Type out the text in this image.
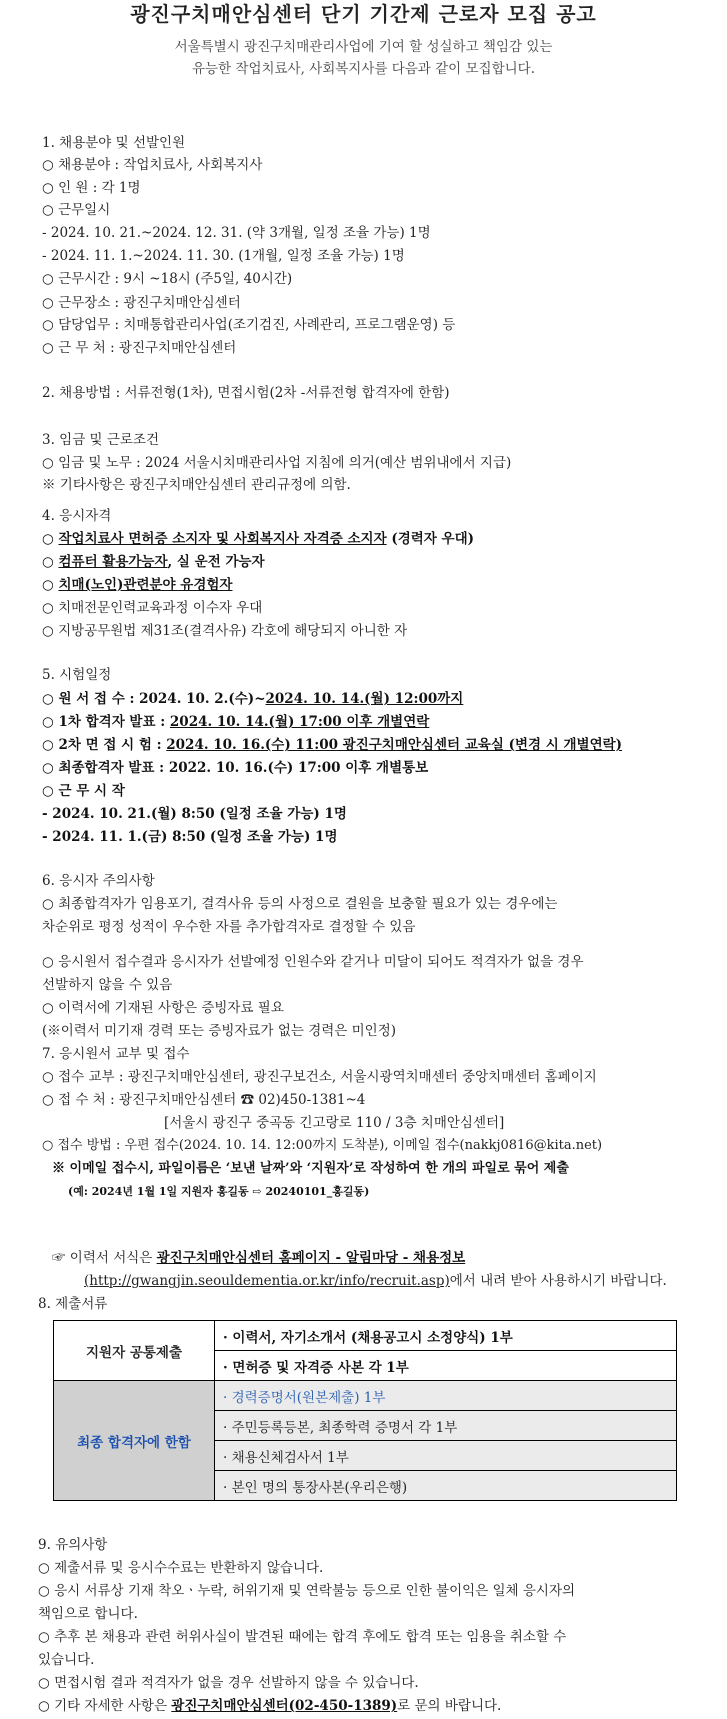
광진구치매안심센터 단기 기간제 근로자 모집 공고
서울특별시 광진구치매관리사업에 기여 할 성실하고 책임감 있는
유능한 작업치료사, 사회복지사를 다음과 같이 모집합니다.
1. 채용분야 및 선발인원
○ 채용분야 : 작업치료사, 사회복지사
○ 인 원 : 각 1명
○ 근무일시
- 2024. 10. 21.~2024. 12. 31. (약 3개월, 일정 조율 가능) 1명
- 2024. 11. 1.~2024. 11. 30. (1개월, 일정 조율 가능) 1명
○ 근무시간 : 9시 ~18시 (주5일, 40시간)
○ 근무장소 : 광진구치매안심센터
○ 담당업무 : 치매통합관리사업(조기검진, 사례관리, 프로그램운영) 등
○ 근 무 처 : 광진구치매안심센터
2. 채용방법 : 서류전형(1차), 면접시험(2차 -서류전형 합격자에 한함)
3. 임금 및 근로조건
○ 임금 및 노무 : 2024 서울시치매관리사업 지침에 의거(예산 범위내에서 지급)
※ 기타사항은 광진구치매안심센터 관리규정에 의함.
4. 응시자격
○ 작업치료사 면허증 소지자 및 사회복지사 자격증 소지자 (경력자 우대)
○ 컴퓨터 활용가능자, 실 운전 가능자
○ 치매(노인)관련분야 유경험자
○ 치매전문인력교육과정 이수자 우대
○ 지방공무원법 제31조(결격사유) 각호에 해당되지 아니한 자
5. 시험일정
○ 원 서 접 수 : 2024. 10. 2.(수)~2024. 10. 14.(월) 12:00까지
○ 1차 합격자 발표 : 2024. 10. 14.(월) 17:00 이후 개별연락
○ 2차 면 접 시 험 : 2024. 10. 16.(수) 11:00 광진구치매안심센터 교육실 (변경 시 개별연락)
○ 최종합격자 발표 : 2022. 10. 16.(수) 17:00 이후 개별통보
○ 근 무 시 작
- 2024. 10. 21.(월) 8:50 (일정 조율 가능) 1명
- 2024. 11. 1.(금) 8:50 (일정 조율 가능) 1명
6. 응시자 주의사항
○ 최종합격자가 임용포기, 결격사유 등의 사정으로 결원을 보충할 필요가 있는 경우에는
차순위로 평정 성적이 우수한 자를 추가합격자로 결정할 수 있음
○ 응시원서 접수결과 응시자가 선발예정 인원수와 같거나 미달이 되어도 적격자가 없을 경우
선발하지 않을 수 있음
○ 이력서에 기재된 사항은 증빙자료 필요
(※이력서 미기재 경력 또는 증빙자료가 없는 경력은 미인정)
7. 응시원서 교부 및 접수
○ 접수 교부 : 광진구치매안심센터, 광진구보건소, 서울시광역치매센터 중앙치매센터 홈페이지
○ 접 수 처 : 광진구치매안심센터 ☎ 02)450-1381~4
[서울시 광진구 중곡동 긴고랑로 110 / 3층 치매안심센터]
○ 접수 방법 : 우편 접수(2024. 10. 14. 12:00까지 도착분), 이메일 접수(nakkj0816@kita.net)
※ 이메일 접수시, 파일이름은 ‘보낸 날짜’와 ‘지원자’로 작성하여 한 개의 파일로 묶어 제출
(예: 2024년 1월 1일 지원자 홍길동 ⇨ 20240101_홍길동)
☞ 이력서 서식은 광진구치매안심센터 홈페이지 - 알림마당 - 채용정보
(http://gwangjin.seouldementia.or.kr/info/recruit.asp)에서 내려 받아 사용하시기 바랍니다.
8. 제출서류
지원자 공통제출	· 이력서, 자기소개서 (채용공고시 소정양식) 1부
	· 면허증 및 자격증 사본 각 1부
최종 합격자에 한함	· 경력증명서(원본제출) 1부
	· 주민등록등본, 최종학력 증명서 각 1부
	· 채용신체검사서 1부
	· 본인 명의 통장사본(우리은행)
9. 유의사항
○ 제출서류 및 응시수수료는 반환하지 않습니다.
○ 응시 서류상 기재 착오ㆍ누락, 허위기재 및 연락불능 등으로 인한 불이익은 일체 응시자의
책임으로 합니다.
○ 추후 본 채용과 관련 허위사실이 발견된 때에는 합격 후에도 합격 또는 임용을 취소할 수
있습니다.
○ 면접시험 결과 적격자가 없을 경우 선발하지 않을 수 있습니다.
○ 기타 자세한 사항은 광진구치매안심센터(02-450-1389)로 문의 바랍니다.
